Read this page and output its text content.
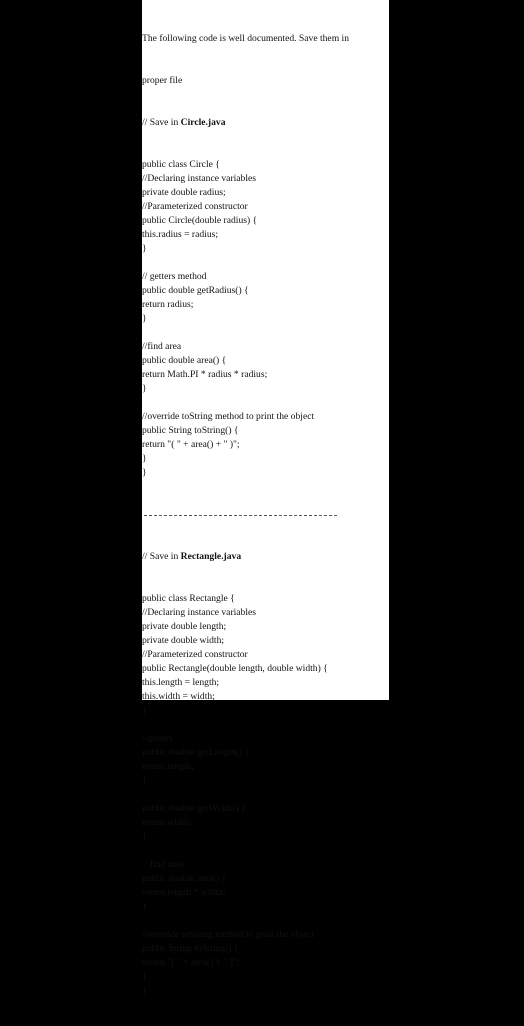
The following code is well documented. Save them in

proper file

// Save in Circle.java

public class Circle {
//Declaring instance variables
private double radius;
//Parameterized constructor
public Circle(double radius) {
this.radius = radius;
}
// getters method
public double getRadius() {
return radius;
}
//find area
public double area() {
return Math.PI * radius * radius;
}
//override toString method to print the object
public String toString() {
return "( " + area() + " )";
}
}

// Save in Rectangle.java

public class Rectangle {
//Declaring instance variables
private double length;
private double width;
//Parameterized constructor
public Rectangle(double length, double width) {
this.length = length;
this.width = width;
}
//getters
public double getLength() {
return length;
}
public double getWidth() {
return width;
}
// find area
public double area() {
return length * width;
}
//override toString method to print the object
public String toString() {
return "[ " + area() + " ]";
}
}
